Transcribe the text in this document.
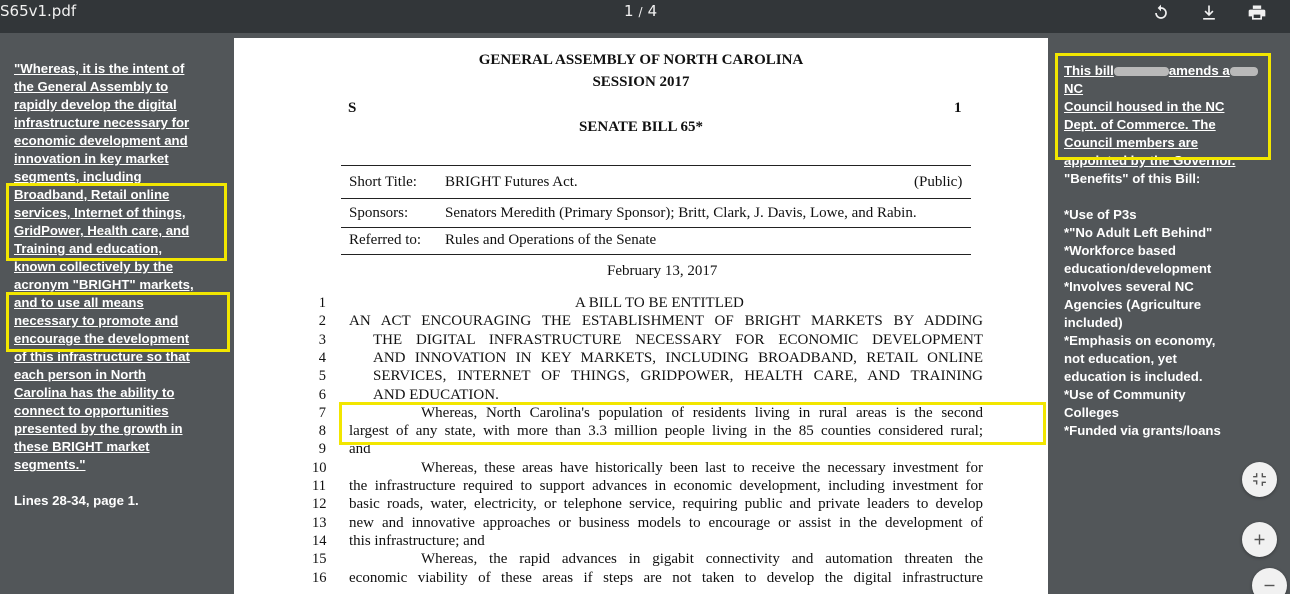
S65v1.pdf	1 / 4
"Whereas, it is the intent of
the General Assembly to
rapidly develop the digital
infrastructure necessary for
economic development and
innovation in key market
segments, including
Broadband, Retail online
services, Internet of things,
GridPower, Health care, and
Training and education,
known collectively by the
acronym "BRIGHT" markets,
and to use all means
necessary to promote and
encourage the development
of this infrastructure so that
each person in North
Carolina has the ability to
connect to opportunities
presented by the growth in
these BRIGHT market
segments."
Lines 28-34, page 1.
GENERAL ASSEMBLY OF NORTH CAROLINA
SESSION 2017
S	1
SENATE BILL 65*
Short Title: BRIGHT Futures Act.	(Public)
Sponsors: Senators Meredith (Primary Sponsor); Britt, Clark, J. Davis, Lowe, and Rabin.
Referred to: Rules and Operations of the Senate
February 13, 2017
1	A BILL TO BE ENTITLED
2 AN ACT ENCOURAGING THE ESTABLISHMENT OF BRIGHT MARKETS BY ADDING
3	THE DIGITAL INFRASTRUCTURE NECESSARY FOR ECONOMIC DEVELOPMENT
4	AND INNOVATION IN KEY MARKETS, INCLUDING BROADBAND, RETAIL ONLINE
5	SERVICES, INTERNET OF THINGS, GRIDPOWER, HEALTH CARE, AND TRAINING
6	AND EDUCATION.
7	Whereas, North Carolina's population of residents living in rural areas is the second
8 largest of any state, with more than 3.3 million people living in the 85 counties considered rural;
9 and
10	Whereas, these areas have historically been last to receive the necessary investment for
11 the infrastructure required to support advances in economic development, including investment for
12 basic roads, water, electricity, or telephone service, requiring public and private leaders to develop
13 new and innovative approaches or business models to encourage or assist in the development of
14 this infrastructure; and
15	Whereas, the rapid advances in gigabit connectivity and automation threaten the
16 economic viability of these areas if steps are not taken to develop the digital infrastructure
This bill	amends aNC
Council housed in the NC
Dept. of Commerce. The
Council members are
appointed by the Governor.
"Benefits" of this Bill:
*Use of P3s
*"No Adult Left Behind"
*Workforce based
education/development
*Involves several NC
Agencies (Agriculture
included)
*Emphasis on economy,
not education, yet
education is included.
*Use of Community
Colleges
*Funded via grants/loans
